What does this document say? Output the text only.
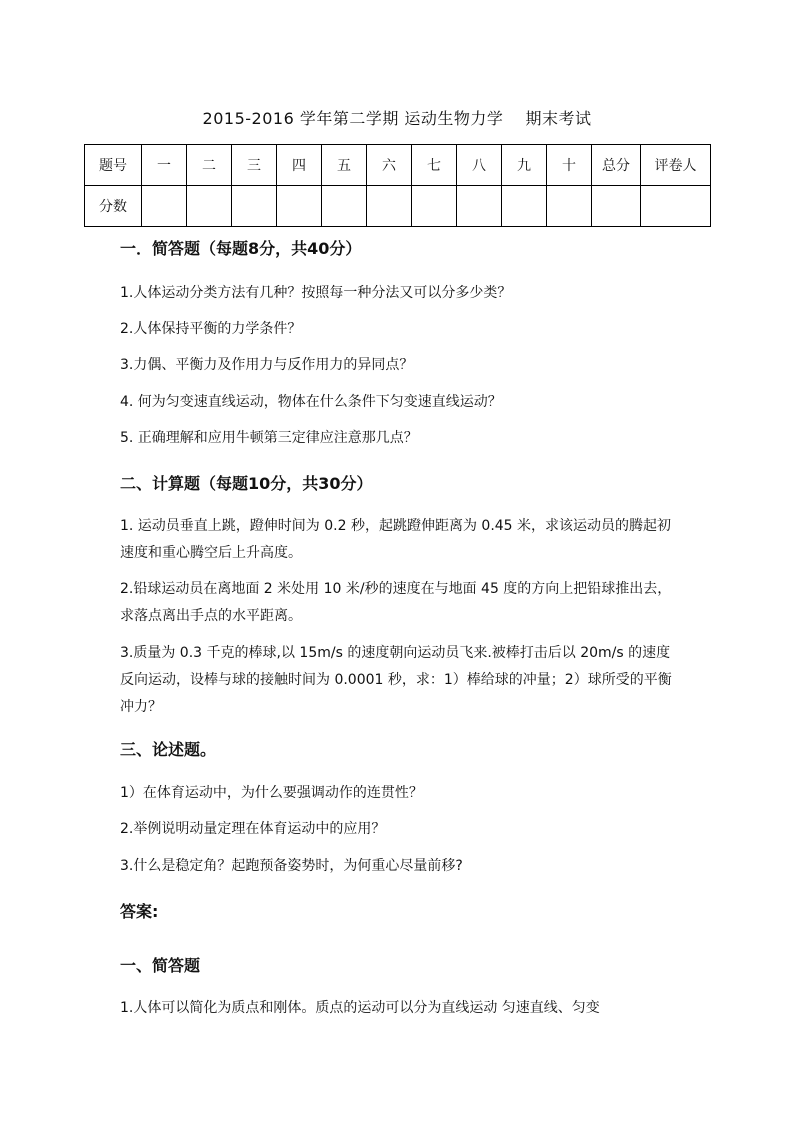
2015-2016 学年第二学期 运动生物力学 期末考试
题号	一	二	三	四	五	六	七	八	九	十	总分	评卷人
分数												
一．简答题（每题8分，共40分）
1.人体运动分类方法有几种？按照每一种分法又可以分多少类？
2.人体保持平衡的力学条件？
3.力偶、平衡力及作用力与反作用力的异同点？
4. 何为匀变速直线运动，物体在什么条件下匀变速直线运动？
5. 正确理解和应用牛顿第三定律应注意那几点？
二、计算题（每题10分，共30分）
1. 运动员垂直上跳，蹬伸时间为 0.2 秒，起跳蹬伸距离为 0.45 米，求该运动员的腾起初速度和重心腾空后上升高度。
2.铅球运动员在离地面 2 米处用 10 米/秒的速度在与地面 45 度的方向上把铅球推出去，求落点离出手点的水平距离。
3.质量为 0.3 千克的棒球,以 15m/s 的速度朝向运动员飞来.被棒打击后以 20m/s 的速度反向运动，设棒与球的接触时间为 0.0001 秒，求：1）棒给球的冲量；2）球所受的平衡冲力？
三、论述题。
1）在体育运动中，为什么要强调动作的连贯性？
2.举例说明动量定理在体育运动中的应用？
3.什么是稳定角？起跑预备姿势时，为何重心尽量前移?
答案:
一、简答题
1.人体可以简化为质点和刚体。质点的运动可以分为直线运动 匀速直线、匀变
